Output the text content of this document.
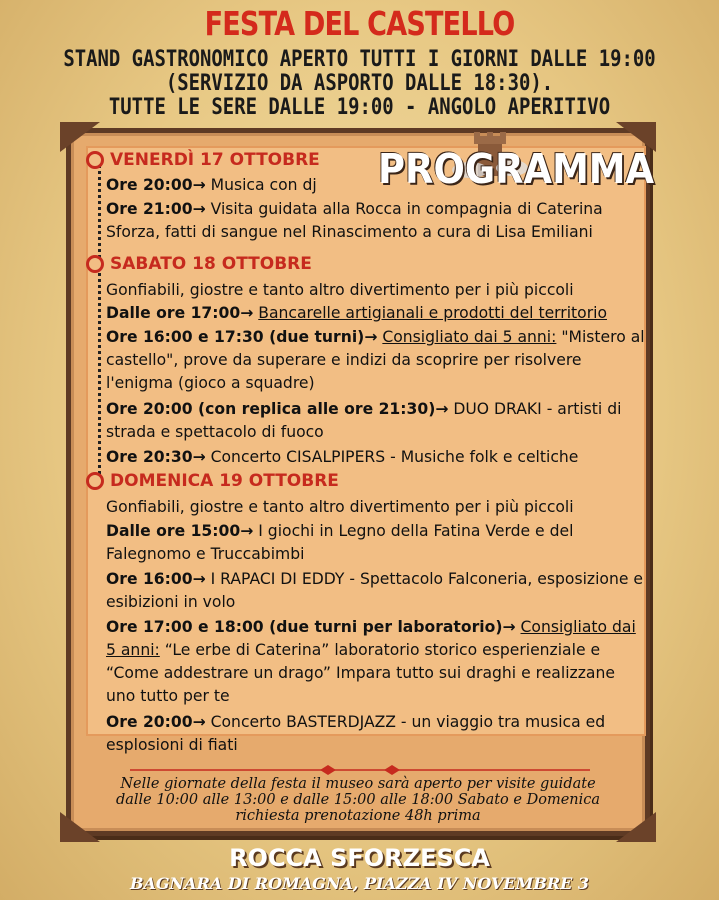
FESTA DEL CASTELLO
STAND GASTRONOMICO APERTO TUTTI I GIORNI DALLE 19:00
(SERVIZIO DA ASPORTO DALLE 18:30).
TUTTE LE SERE DALLE 19:00 - ANGOLO APERITIVO
PROGRAMMA
VENERDÌ 17 OTTOBRE
Ore 20:00→ Musica con dj
Ore 21:00→ Visita guidata alla Rocca in compagnia di Caterina Sforza, fatti di sangue nel Rinascimento a cura di Lisa Emiliani
SABATO 18 OTTOBRE
Gonfiabili, giostre e tanto altro divertimento per i più piccoli
Dalle ore 17:00→ Bancarelle artigianali e prodotti del territorio
Ore 16:00 e 17:30 (due turni)→ Consigliato dai 5 anni: "Mistero al castello", prove da superare e indizi da scoprire per risolvere l'enigma (gioco a squadre)
Ore 20:00 (con replica alle ore 21:30)→ DUO DRAKI - artisti di strada e spettacolo di fuoco
Ore 20:30→ Concerto CISALPIPERS - Musiche folk e celtiche
DOMENICA 19 OTTOBRE
Gonfiabili, giostre e tanto altro divertimento per i più piccoli
Dalle ore 15:00→ I giochi in Legno della Fatina Verde e del Falegnomo e Truccabimbi
Ore 16:00→ I RAPACI DI EDDY - Spettacolo Falconeria, esposizione e esibizioni in volo
Ore 17:00 e 18:00 (due turni per laboratorio)→ Consigliato dai 5 anni: “Le erbe di Caterina” laboratorio storico esperienziale e “Come addestrare un drago” Impara tutto sui draghi e realizzane uno tutto per te
Ore 20:00→ Concerto BASTERDJAZZ - un viaggio tra musica ed esplosioni di fiati
Nelle giornate della festa il museo sarà aperto per visite guidate dalle 10:00 alle 13:00 e dalle 15:00 alle 18:00 Sabato e Domenica richiesta prenotazione 48h prima
ROCCA SFORZESCA
BAGNARA DI ROMAGNA, PIAZZA IV NOVEMBRE 3
